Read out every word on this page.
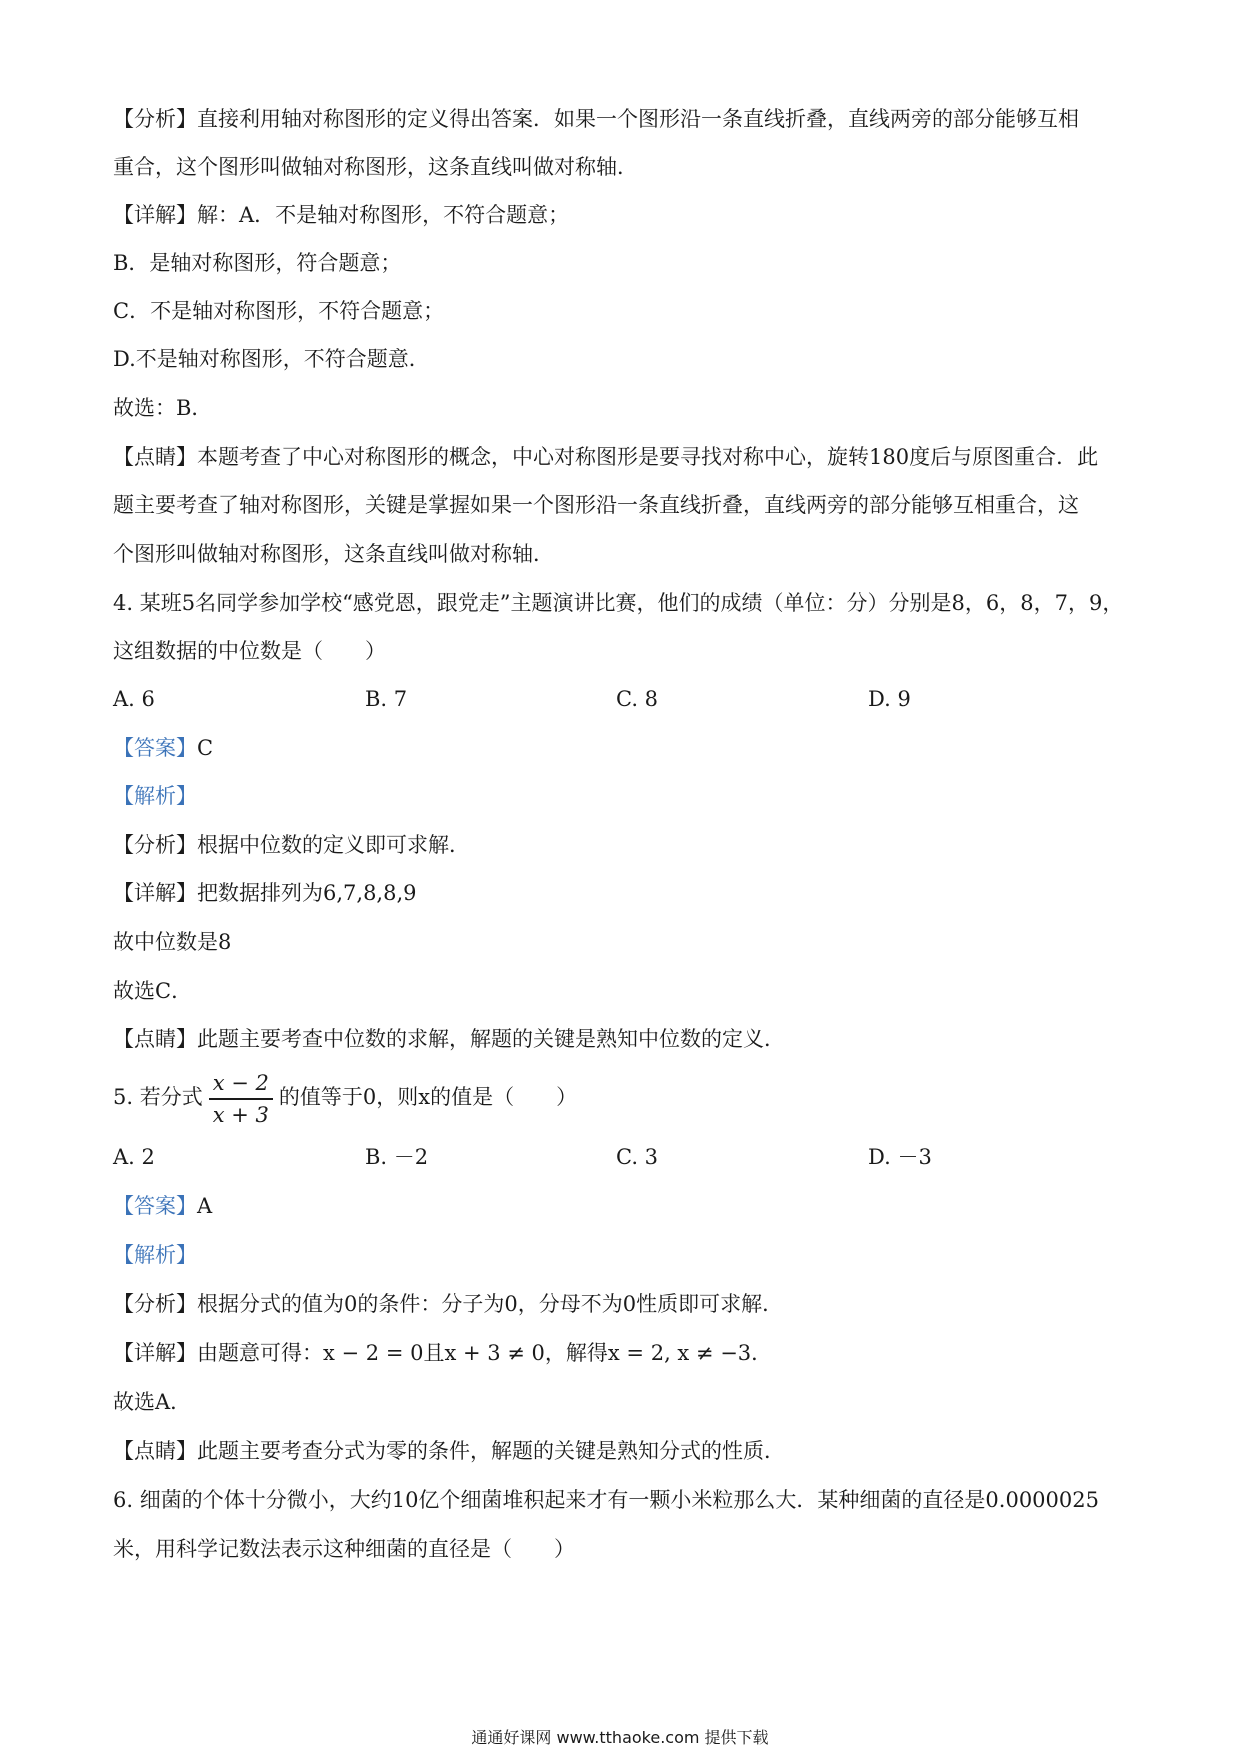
【分析】直接利用轴对称图形的定义得出答案．如果一个图形沿一条直线折叠，直线两旁的部分能够互相
重合，这个图形叫做轴对称图形，这条直线叫做对称轴．
【详解】解：A．不是轴对称图形，不符合题意；
B．是轴对称图形，符合题意；
C．不是轴对称图形，不符合题意；
D.不是轴对称图形，不符合题意．
故选：B．
【点睛】本题考查了中心对称图形的概念，中心对称图形是要寻找对称中心，旋转180度后与原图重合．此
题主要考查了轴对称图形，关键是掌握如果一个图形沿一条直线折叠，直线两旁的部分能够互相重合，这
个图形叫做轴对称图形，这条直线叫做对称轴．
4. 某班5名同学参加学校“感党恩，跟党走”主题演讲比赛，他们的成绩（单位：分）分别是8，6，8，7，9，
这组数据的中位数是（　　）
A. 6	B. 7	C. 8	D. 9
【答案】C
【解析】
【分析】根据中位数的定义即可求解．
【详解】把数据排列为6,7,8,8,9
故中位数是8
故选C．
【点睛】此题主要考查中位数的求解，解题的关键是熟知中位数的定义．
5. 若分式 $\frac{x - 2}{x + 3}$ 的值等于0，则x的值是（　　）
A. 2	B. －2	C. 3	D. －3
【答案】A
【解析】
【分析】根据分式的值为0的条件：分子为0，分母不为0性质即可求解．
【详解】由题意可得：x − 2 = 0且x + 3 ≠ 0，解得x = 2, x ≠ −3．
故选A．
【点睛】此题主要考查分式为零的条件，解题的关键是熟知分式的性质．
6. 细菌的个体十分微小，大约10亿个细菌堆积起来才有一颗小米粒那么大．某种细菌的直径是0.0000025
米，用科学记数法表示这种细菌的直径是（　　）
通通好课网 www.tthaoke.com 提供下载
